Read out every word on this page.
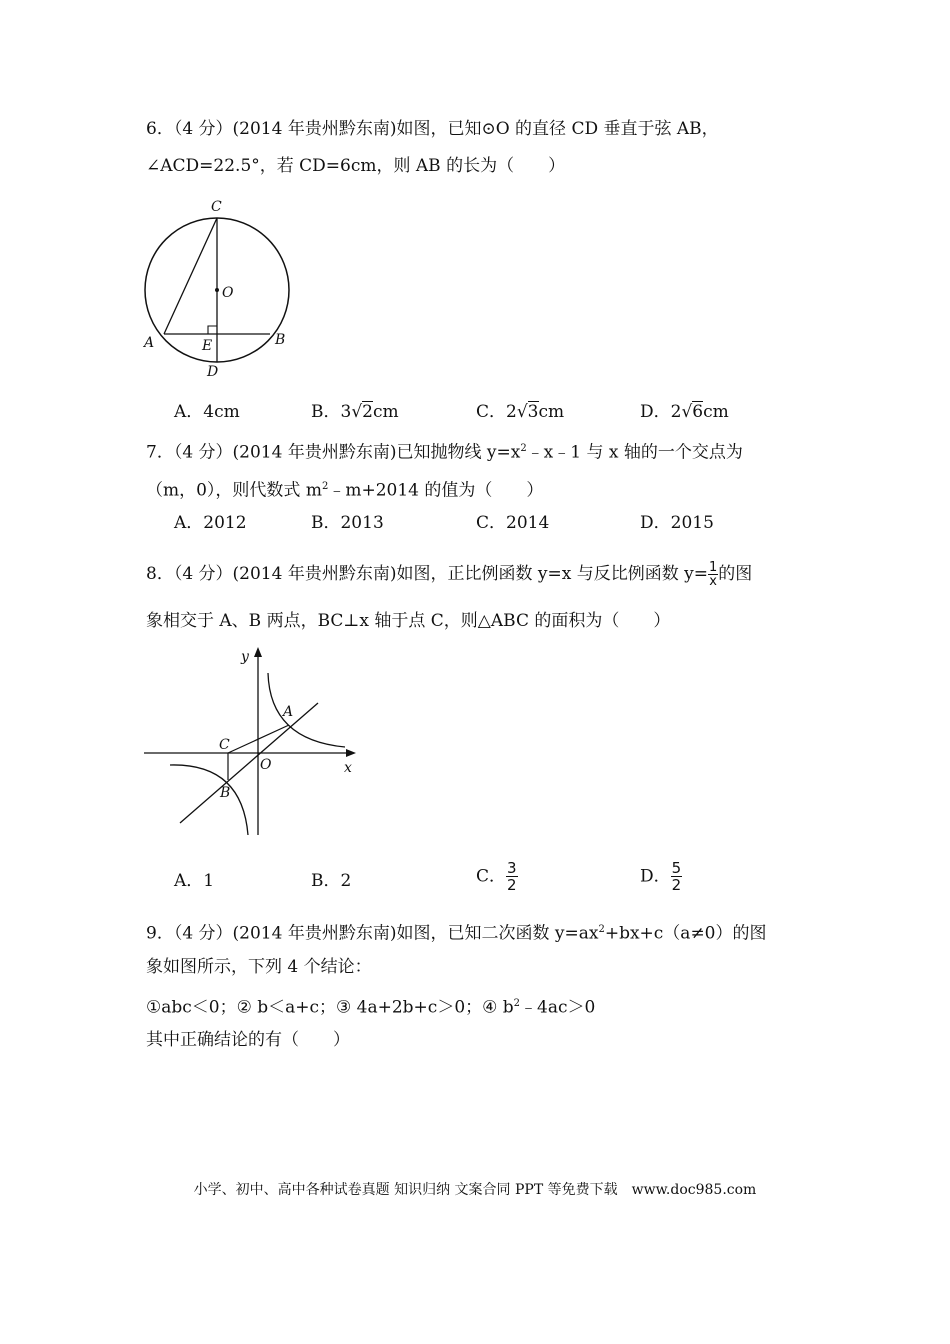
6．（4 分）(2014 年贵州黔东南)如图，已知⊙O 的直径 CD 垂直于弦 AB，
∠ACD=22.5°，若 CD=6cm，则 AB 的长为（　　）
C
O
A	E	B
D
A．4cm	B．3√2cm	C．2√3cm	D．2√6cm
7．（4 分）(2014 年贵州黔东南)已知抛物线 $y=x^2﹣x﹣1$ 与 x 轴的一个交点为
（m，0），则代数式 $m^2﹣m+2014$ 的值为（　　）
A．2012	B．2013	C．2014	D．2015
8．（4 分）(2014 年贵州黔东南)如图，正比例函数 y=x 与反比例函数 $y= \frac{1}{x}$ 的图
象相交于 A、B 两点，BC⊥x 轴于点 C，则△ABC 的面积为（　　）
y
x
A
C
O
B
A．1	B．2	C． $\frac{3}{2}$	D． $\frac{5}{2}$
9．（4 分）(2014 年贵州黔东南)如图，已知二次函数 $y=ax^2+bx+c(a\ne 0)$的图
象如图所示，下列 4 个结论：
①abc＜0；② b＜a+c；③ 4a+2b+c＞0；④ $b^2﹣4ac>0$
其中正确结论的有（　　）
小学、初中、高中各种试卷真题 知识归纳 文案合同 PPT 等免费下载　www.doc985.com
